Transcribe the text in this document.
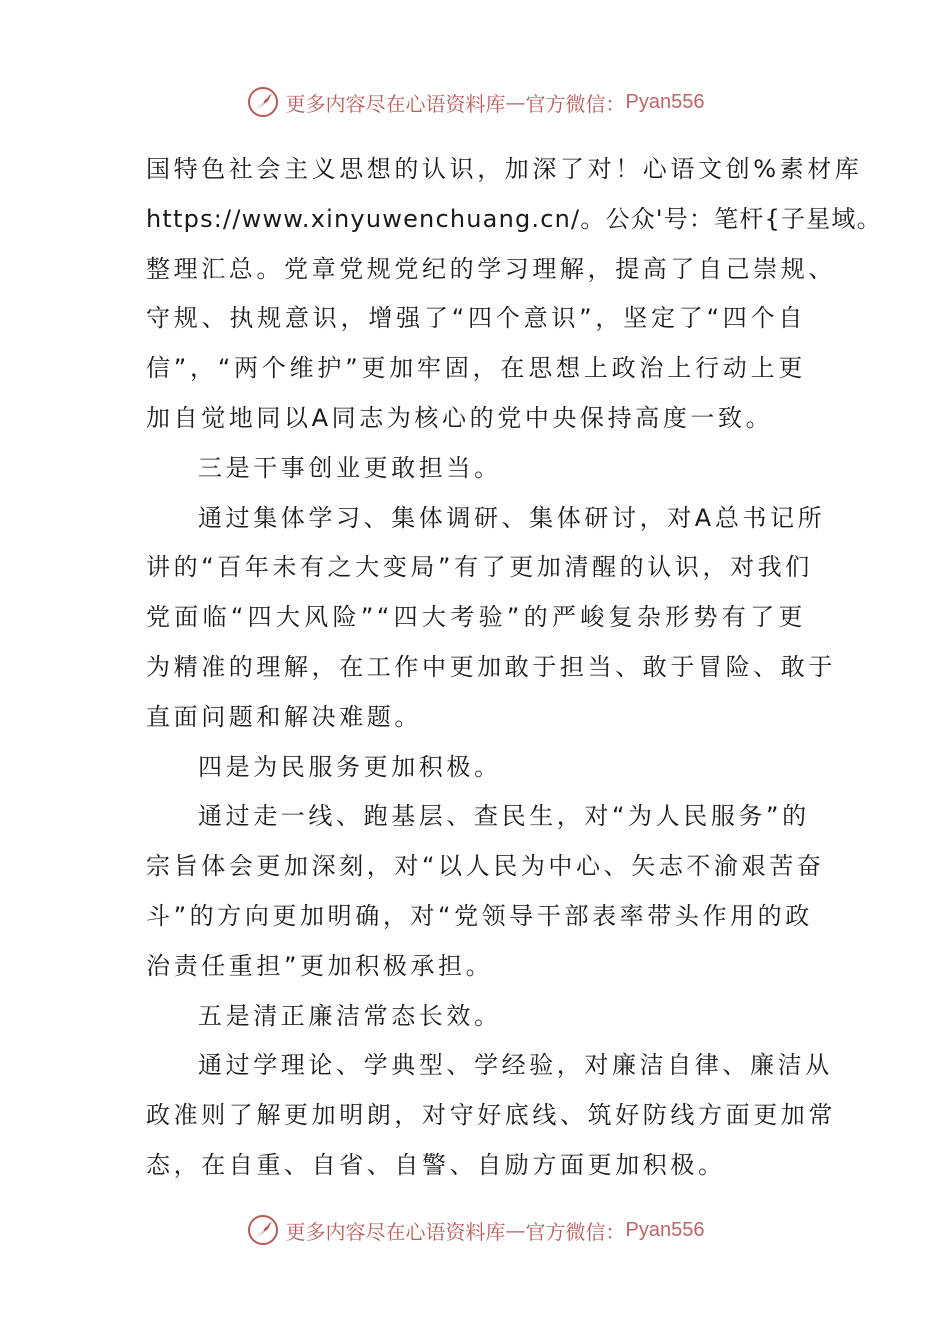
更多内容尽在心语资料库 — 官方微信： Pyan556
国特色社会主义思想的认识，加深了对！心语文创%素材库
https://www.xinyuwenchuang.cn/。公众'号：笔杆{子星域。
整理汇总。党章党规党纪的学习理解，提高了自己崇规、
守规、执规意识，增强了“四个意识”，坚定了“四个自
信”，“两个维护”更加牢固，在思想上政治上行动上更
加自觉地同以A同志为核心的党中央保持高度一致。
三是干事创业更敢担当。
通过集体学习、集体调研、集体研讨，对A总书记所
讲的“百年未有之大变局”有了更加清醒的认识，对我们
党面临“四大风险”“四大考验”的严峻复杂形势有了更
为精准的理解，在工作中更加敢于担当、敢于冒险、敢于
直面问题和解决难题。
四是为民服务更加积极。
通过走一线、跑基层、查民生，对“为人民服务”的
宗旨体会更加深刻，对“以人民为中心、矢志不渝艰苦奋
斗”的方向更加明确，对“党领导干部表率带头作用的政
治责任重担”更加积极承担。
五是清正廉洁常态长效。
通过学理论、学典型、学经验，对廉洁自律、廉洁从
政准则了解更加明朗，对守好底线、筑好防线方面更加常
态，在自重、自省、自警、自励方面更加积极。
更多内容尽在心语资料库 — 官方微信： Pyan556
